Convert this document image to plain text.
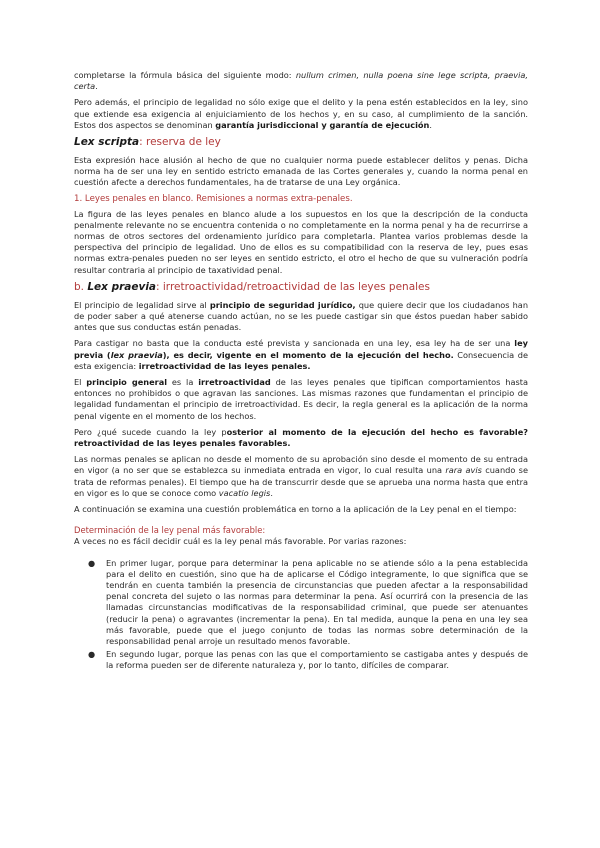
completarse la fórmula básica del siguiente modo: nullum crimen, nulla poena sine lege scripta, praevia, certa.

Pero además, el principio de legalidad no sólo exige que el delito y la pena estén establecidos en la ley, sino que extiende esa exigencia al enjuiciamiento de los hechos y, en su caso, al cumplimiento de la sanción. Estos dos aspectos se denominan garantía jurisdiccional y garantía de ejecución.

Lex scripta: reserva de ley

Esta expresión hace alusión al hecho de que no cualquier norma puede establecer delitos y penas. Dicha norma ha de ser una ley en sentido estricto emanada de las Cortes generales y, cuando la norma penal en cuestión afecte a derechos fundamentales, ha de tratarse de una Ley orgánica.

1. Leyes penales en blanco. Remisiones a normas extra-penales.

La figura de las leyes penales en blanco alude a los supuestos en los que la descripción de la conducta penalmente relevante no se encuentra contenida o no completamente en la norma penal y ha de recurrirse a normas de otros sectores del ordenamiento jurídico para completarla. Plantea varios problemas desde la perspectiva del principio de legalidad. Uno de ellos es su compatibilidad con la reserva de ley, pues esas normas extra-penales pueden no ser leyes en sentido estricto, el otro el hecho de que su vulneración podría resultar contraria al principio de taxatividad penal.

b. Lex praevia: irretroactividad/retroactividad de las leyes penales

El principio de legalidad sirve al principio de seguridad jurídico, que quiere decir que los ciudadanos han de poder saber a qué atenerse cuando actúan, no se les puede castigar sin que éstos puedan haber sabido antes que sus conductas están penadas.

Para castigar no basta que la conducta esté prevista y sancionada en una ley, esa ley ha de ser una ley previa (lex praevia), es decir, vigente en el momento de la ejecución del hecho. Consecuencia de esta exigencia: irretroactividad de las leyes penales.

El principio general es la irretroactividad de las leyes penales que tipifican comportamientos hasta entonces no prohibidos o que agravan las sanciones. Las mismas razones que fundamentan el principio de legalidad fundamentan el principio de irretroactividad. Es decir, la regla general es la aplicación de la norma penal vigente en el momento de los hechos.

Pero ¿qué sucede cuando la ley posterior al momento de la ejecución del hecho es favorable?retroactividad de las leyes penales favorables.

Las normas penales se aplican no desde el momento de su aprobación sino desde el momento de su entrada en vigor (a no ser que se establezca su inmediata entrada en vigor, lo cual resulta una rara avis cuando se trata de reformas penales). El tiempo que ha de transcurrir desde que se aprueba una norma hasta que entra en vigor es lo que se conoce como vacatio legis.

A continuación se examina una cuestión problemática en torno a la aplicación de la Ley penal en el tiempo:

Determinación de la ley penal más favorable:

A veces no es fácil decidir cuál es la ley penal más favorable. Por varias razones:

● En primer lugar, porque para determinar la pena aplicable no se atiende sólo a la pena establecida para el delito en cuestión, sino que ha de aplicarse el Código integramente, lo que significa que se tendrán en cuenta también la presencia de circunstancias que pueden afectar a la responsabilidad penal concreta del sujeto o las normas para determinar la pena. Así ocurrirá con la presencia de las llamadas circunstancias modificativas de la responsabilidad criminal, que puede ser atenuantes (reducir la pena) o agravantes (incrementar la pena). En tal medida, aunque la pena en una ley sea más favorable, puede que el juego conjunto de todas las normas sobre determinación de la responsabilidad penal arroje un resultado menos favorable.
● En segundo lugar, porque las penas con las que el comportamiento se castigaba antes y después de la reforma pueden ser de diferente naturaleza y, por lo tanto, difíciles de comparar.
